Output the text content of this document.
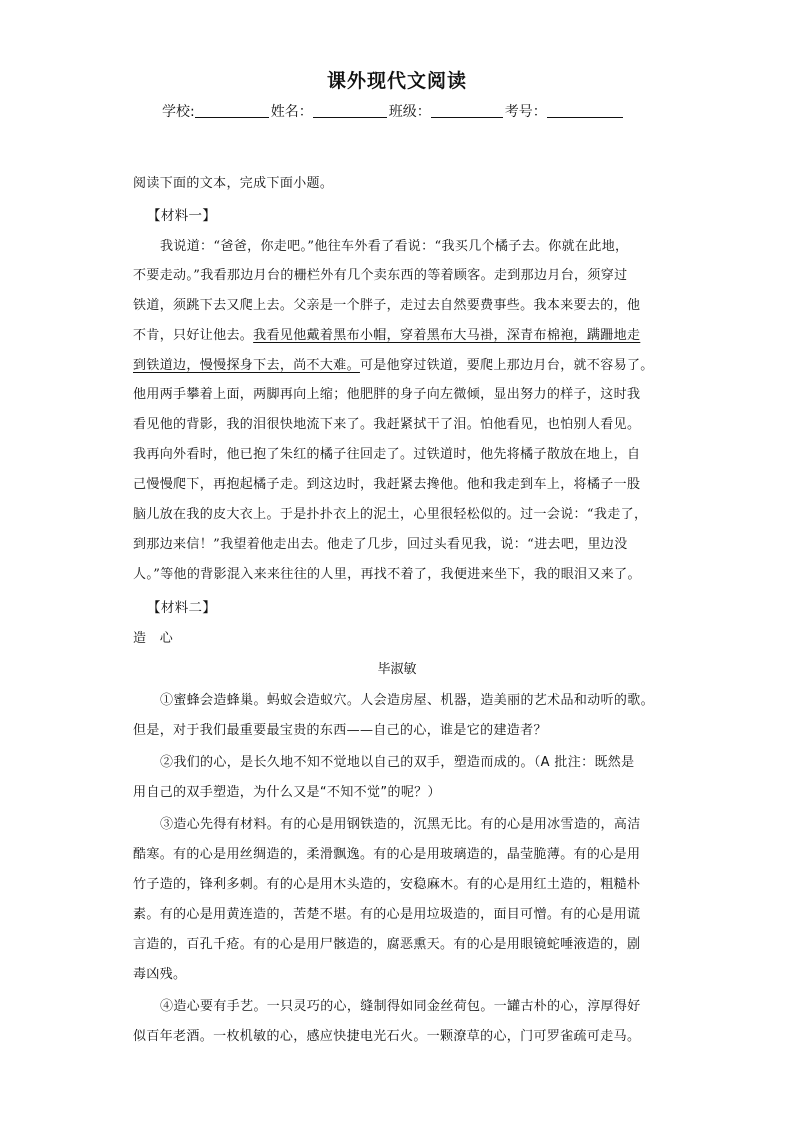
课外现代文阅读
学校:	姓名：	班级：	考号：
阅读下面的文本，完成下面小题。
【材料一】
我说道：“爸爸，你走吧。”他往车外看了看说：“我买几个橘子去。你就在此地，
不要走动。”我看那边月台的栅栏外有几个卖东西的等着顾客。走到那边月台，须穿过
铁道，须跳下去又爬上去。父亲是一个胖子，走过去自然要费事些。我本来要去的，他
不肯，只好让他去。我看见他戴着黑布小帽，穿着黑布大马褂，深青布棉袍，蹒跚地走
到铁道边，慢慢探身下去，尚不大难。可是他穿过铁道，要爬上那边月台，就不容易了。
他用两手攀着上面，两脚再向上缩；他肥胖的身子向左微倾，显出努力的样子，这时我
看见他的背影，我的泪很快地流下来了。我赶紧拭干了泪。怕他看见，也怕别人看见。
我再向外看时，他已抱了朱红的橘子往回走了。过铁道时，他先将橘子散放在地上，自
己慢慢爬下，再抱起橘子走。到这边时，我赶紧去搀他。他和我走到车上，将橘子一股
脑儿放在我的皮大衣上。于是扑扑衣上的泥土，心里很轻松似的。过一会说：“我走了，
到那边来信！”我望着他走出去。他走了几步，回过头看见我，说：“进去吧，里边没
人。”等他的背影混入来来往往的人里，再找不着了，我便进来坐下，我的眼泪又来了。
【材料二】
造　心
毕淑敏
①蜜蜂会造蜂巢。蚂蚁会造蚁穴。人会造房屋、机器，造美丽的艺术品和动听的歌。
但是，对于我们最重要最宝贵的东西——自己的心，谁是它的建造者？
②我们的心，是长久地不知不觉地以自己的双手，塑造而成的。（A 批注：既然是
用自己的双手塑造，为什么又是“不知不觉”的呢？）
③造心先得有材料。有的心是用钢铁造的，沉黑无比。有的心是用冰雪造的，高洁
酷寒。有的心是用丝绸造的，柔滑飘逸。有的心是用玻璃造的，晶莹脆薄。有的心是用
竹子造的，锋利多刺。有的心是用木头造的，安稳麻木。有的心是用红土造的，粗糙朴
素。有的心是用黄连造的，苦楚不堪。有的心是用垃圾造的，面目可憎。有的心是用谎
言造的，百孔千疮。有的心是用尸骸造的，腐恶熏天。有的心是用眼镜蛇唾液造的，剧
毒凶残。
④造心要有手艺。一只灵巧的心，缝制得如同金丝荷包。一罐古朴的心，淳厚得好
似百年老酒。一枚机敏的心，感应快捷电光石火。一颗潦草的心，门可罗雀疏可走马。
